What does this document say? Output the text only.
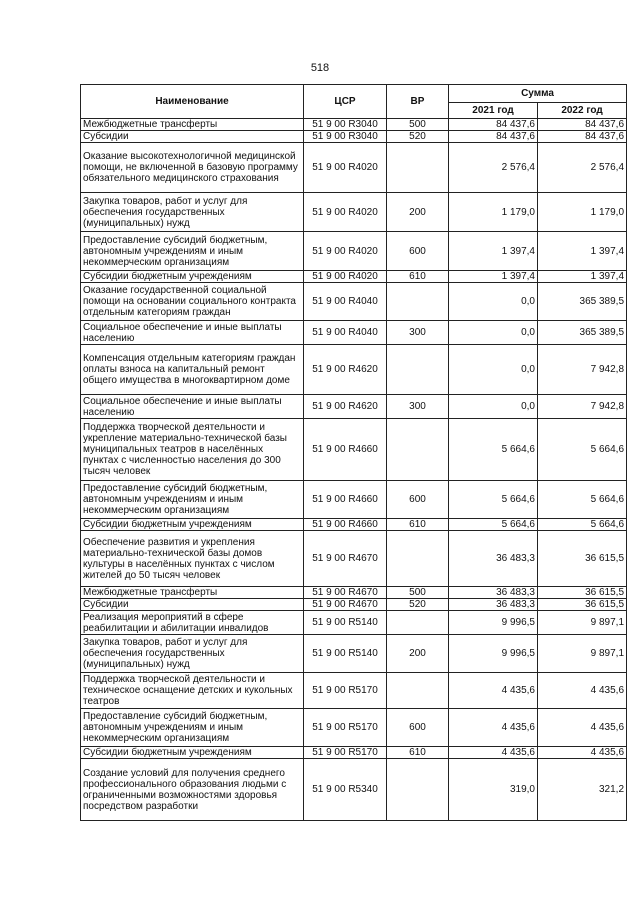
518
Наименование	ЦСР	ВР	Сумма	
			2021 год	2022 год
Межбюджетные трансферты	51 9 00 R3040	500	84 437,6	84 437,6
Субсидии	51 9 00 R3040	520	84 437,6	84 437,6
Оказание высокотехнологичной медицинской помощи, не включенной в базовую программу обязательного медицинского страхования	51 9 00 R4020		2 576,4	2 576,4
Закупка товаров, работ и услуг для обеспечения государственных (муниципальных) нужд	51 9 00 R4020	200	1 179,0	1 179,0
Предоставление субсидий бюджетным, автономным учреждениям и иным некоммерческим организациям	51 9 00 R4020	600	1 397,4	1 397,4
Субсидии бюджетным учреждениям	51 9 00 R4020	610	1 397,4	1 397,4
Оказание государственной социальной помощи на основании социального контракта отдельным категориям граждан	51 9 00 R4040		0,0	365 389,5
Социальное обеспечение и иные выплаты населению	51 9 00 R4040	300	0,0	365 389,5
Компенсация отдельным категориям граждан оплаты взноса на капитальный ремонт общего имущества в многоквартирном доме	51 9 00 R4620		0,0	7 942,8
Социальное обеспечение и иные выплаты населению	51 9 00 R4620	300	0,0	7 942,8
Поддержка творческой деятельности и укрепление материально-технической базы муниципальных театров в населённых пунктах с численностью населения до 300 тысяч человек	51 9 00 R4660		5 664,6	5 664,6
Предоставление субсидий бюджетным, автономным учреждениям и иным некоммерческим организациям	51 9 00 R4660	600	5 664,6	5 664,6
Субсидии бюджетным учреждениям	51 9 00 R4660	610	5 664,6	5 664,6
Обеспечение развития и укрепления материально-технической базы домов культуры в населённых пунктах с числом жителей до 50 тысяч человек	51 9 00 R4670		36 483,3	36 615,5
Межбюджетные трансферты	51 9 00 R4670	500	36 483,3	36 615,5
Субсидии	51 9 00 R4670	520	36 483,3	36 615,5
Реализация мероприятий в сфере реабилитации и абилитации инвалидов	51 9 00 R5140		9 996,5	9 897,1
Закупка товаров, работ и услуг для обеспечения государственных (муниципальных) нужд	51 9 00 R5140	200	9 996,5	9 897,1
Поддержка творческой деятельности и техническое оснащение детских и кукольных театров	51 9 00 R5170		4 435,6	4 435,6
Предоставление субсидий бюджетным, автономным учреждениям и иным некоммерческим организациям	51 9 00 R5170	600	4 435,6	4 435,6
Субсидии бюджетным учреждениям	51 9 00 R5170	610	4 435,6	4 435,6
Создание условий для получения среднего профессионального образования людьми с ограниченными возможностями здоровья посредством разработки	51 9 00 R5340		319,0	321,2
